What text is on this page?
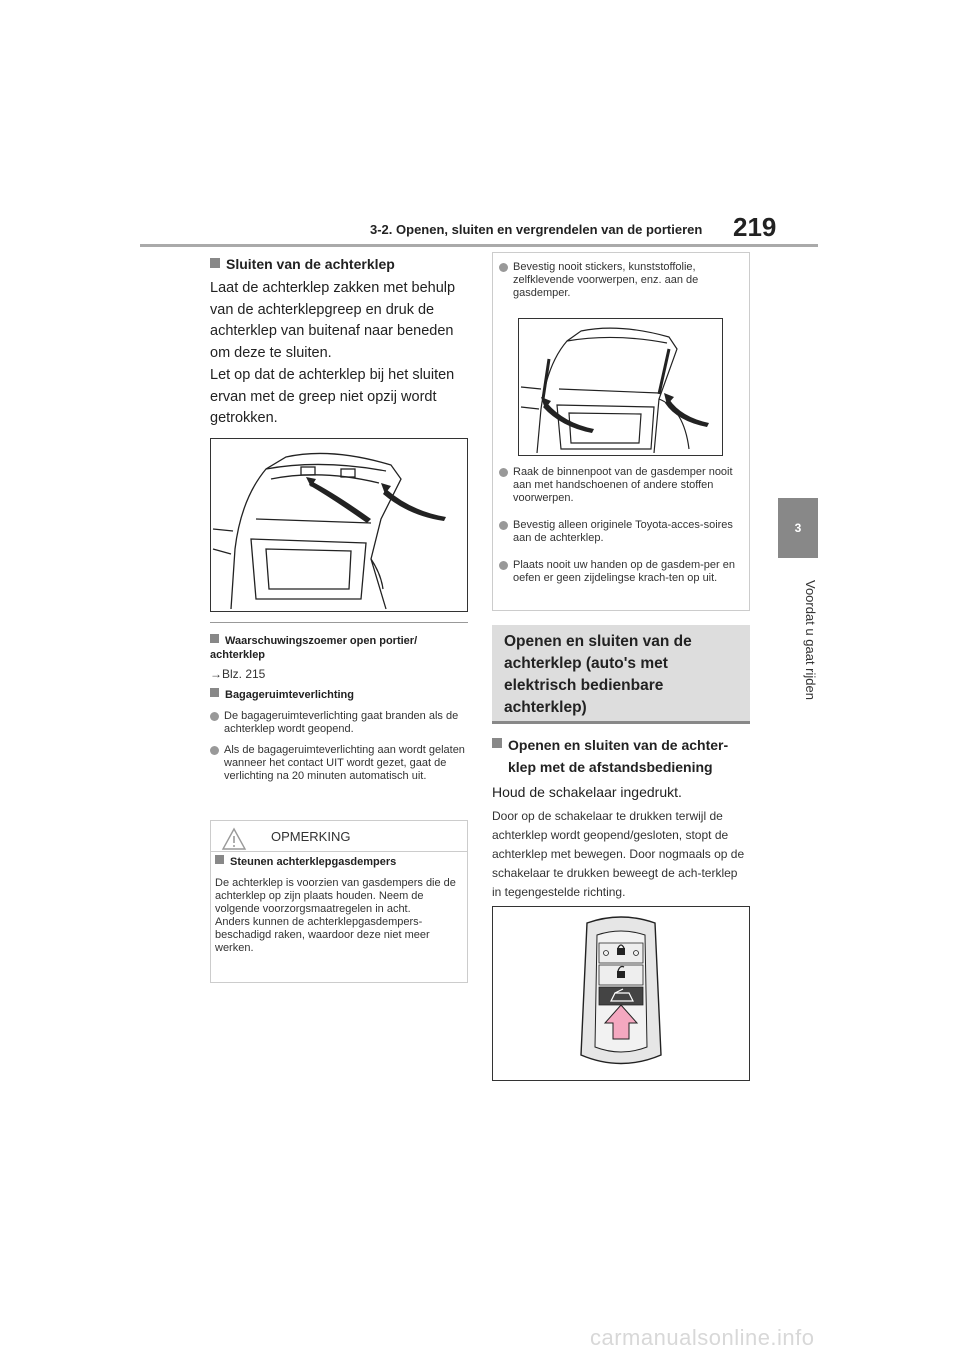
3-2. Openen, sluiten en vergrendelen van de portieren 219
3
Voordat u gaat rijden
Sluiten van de achterklep
Laat de achterklep zakken met behulp van de achterklepgreep en druk de achterklep van buitenaf naar beneden om deze te sluiten.
Let op dat de achterklep bij het sluiten ervan met de greep niet opzij wordt getrokken.
Waarschuwingszoemer open portier/ achterklep
→Blz. 215
Bagageruimteverlichting
De bagageruimteverlichting gaat branden als de achterklep wordt geopend.
Als de bagageruimteverlichting aan wordt gelaten wanneer het contact UIT wordt gezet, gaat de verlichting na 20 minuten automatisch uit.
OPMERKING
Steunen achterklepgasdempers
De achterklep is voorzien van gasdempers die de achterklep op zijn plaats houden. Neem de volgende voorzorgsmaatregelen in acht.
Anders kunnen de achterklepgasdempers-beschadigd raken, waardoor deze niet meer werken.
Bevestig nooit stickers, kunststoffolie, zelfklevende voorwerpen, enz. aan de gasdemper.
Raak de binnenpoot van de gasdemper nooit aan met handschoenen of andere stoffen voorwerpen.
Bevestig alleen originele Toyota-acces-soires aan de achterklep.
Plaats nooit uw handen op de gasdem-per en oefen er geen zijdelingse krach-ten op uit.
Openen en sluiten van de achterklep (auto's met elektrisch bedienbare achterklep)
Openen en sluiten van de achter-klep met de afstandsbediening
Houd de schakelaar ingedrukt.
Door op de schakelaar te drukken terwijl de achterklep wordt geopend/gesloten, stopt de achterklep met bewegen. Door nogmaals op de schakelaar te drukken beweegt de ach-terklep in tegengestelde richting.
carmanualsonline.info
